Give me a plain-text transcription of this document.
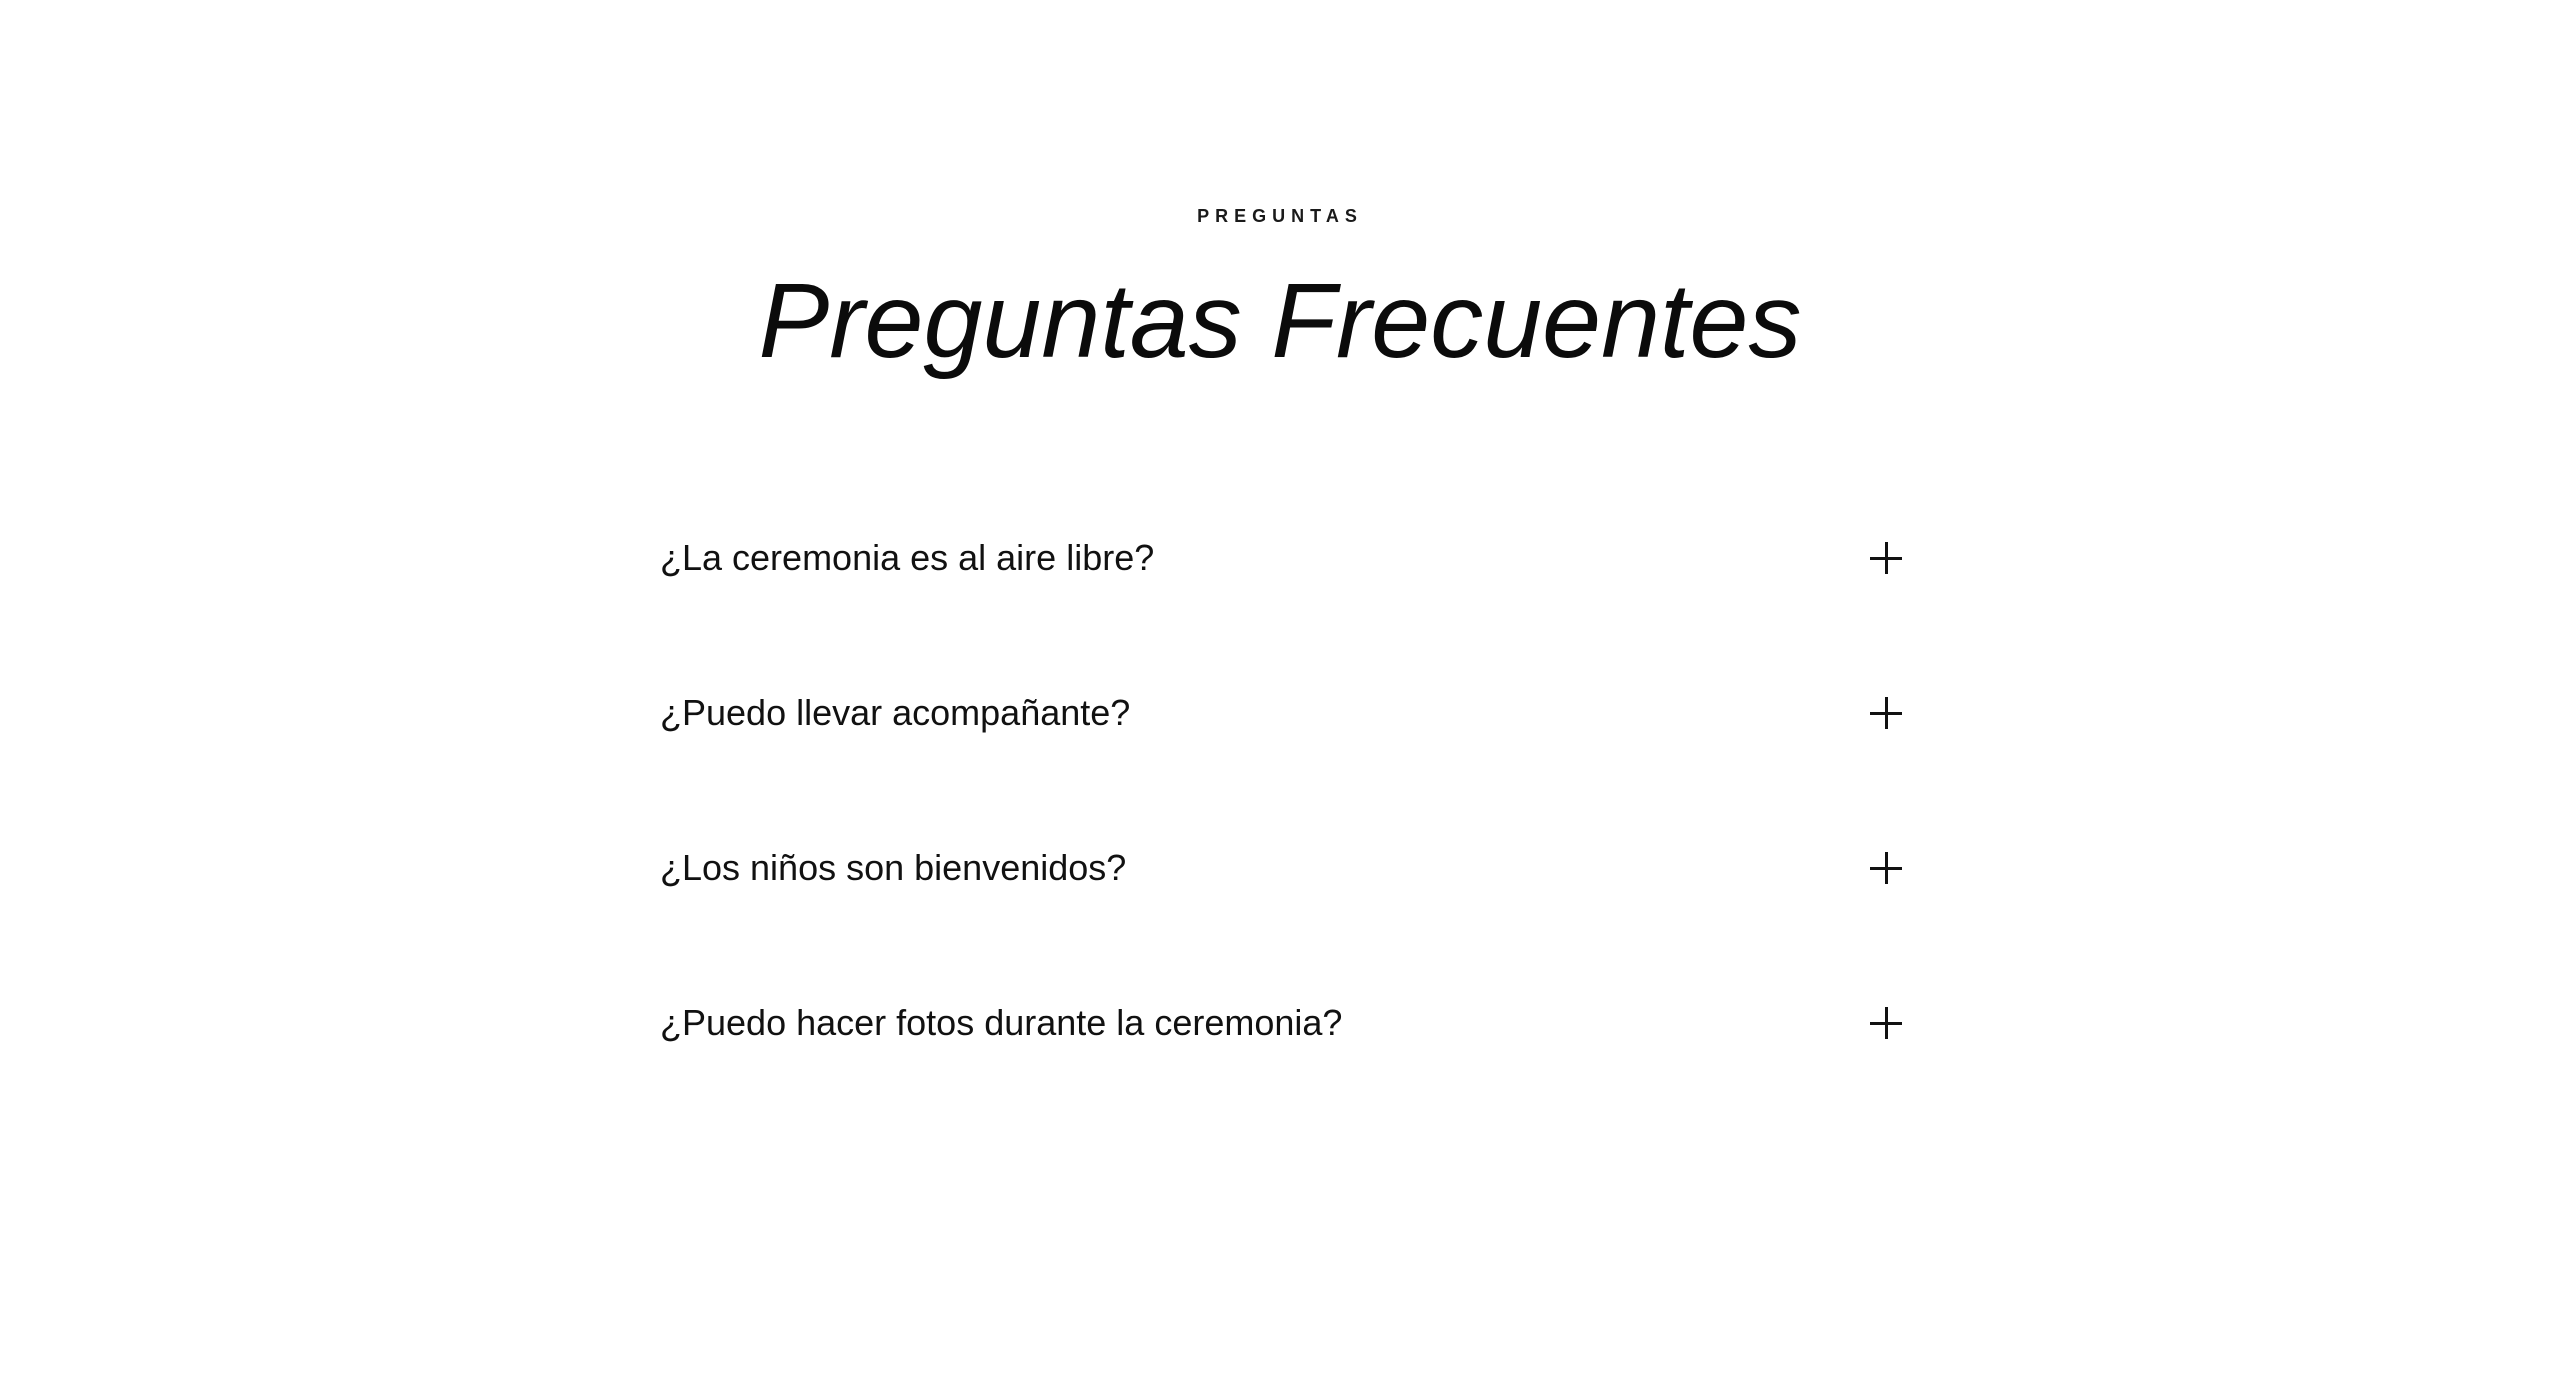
PREGUNTAS
Preguntas Frecuentes
¿La ceremonia es al aire libre?
¿Puedo llevar acompañante?
¿Los niños son bienvenidos?
¿Puedo hacer fotos durante la ceremonia?
